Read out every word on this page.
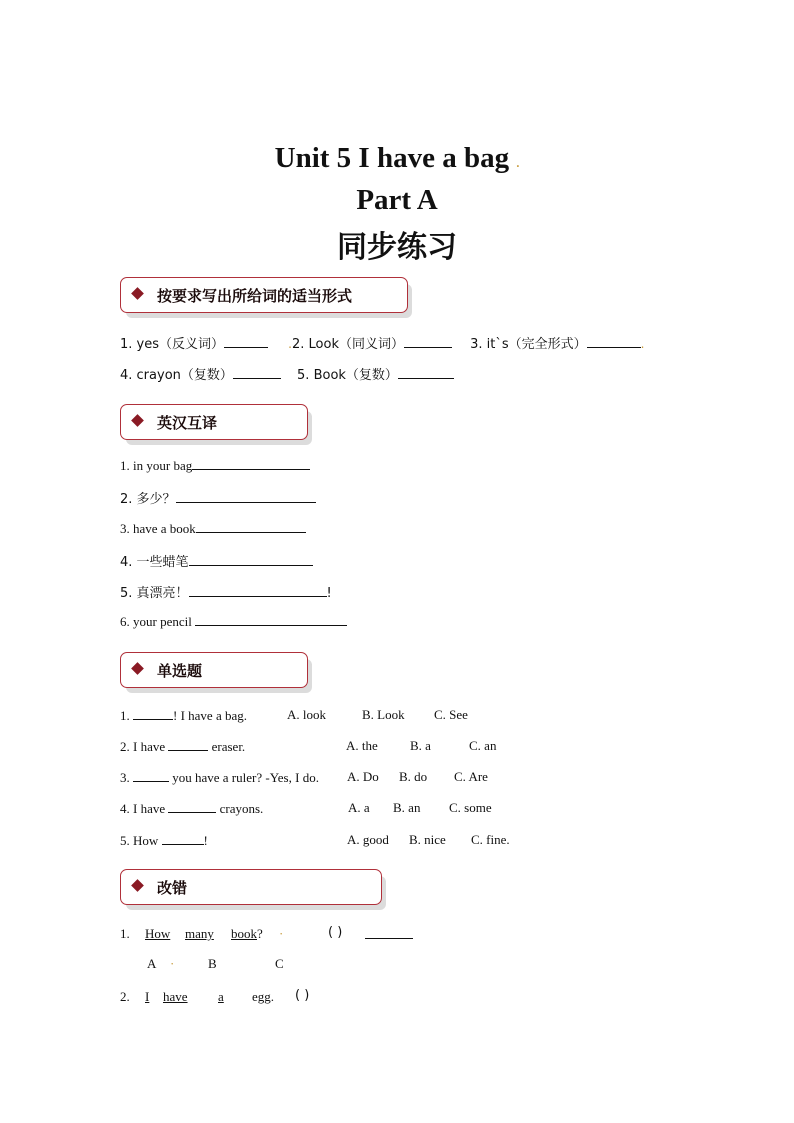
Unit 5 I have a bag .
Part A
同步练习
按要求写出所给词的适当形式
1. yes（反义词）	.2. Look（同义词）	3. it`s（完全形式）	.
4. crayon（复数）	5. Book（复数）
英汉互译
1. in your bag
2. 多少？
3. have a book
4. 一些蜡笔
5. 真漂亮！	!
6. your pencil
单选题
1.	! I have a bag.	A. look	B. Look C. See
2. I have	eraser.	A. the B. a	C. an
3.	you have a ruler? -Yes, I do. A. Do B. do C. Are
4. I have	crayons.	A. a B. an C. some
5. How	!	A. good B. nice C. fine.
改错
1. How many book? ·	( )
A ·	B	C
2. I have a egg. ( )
